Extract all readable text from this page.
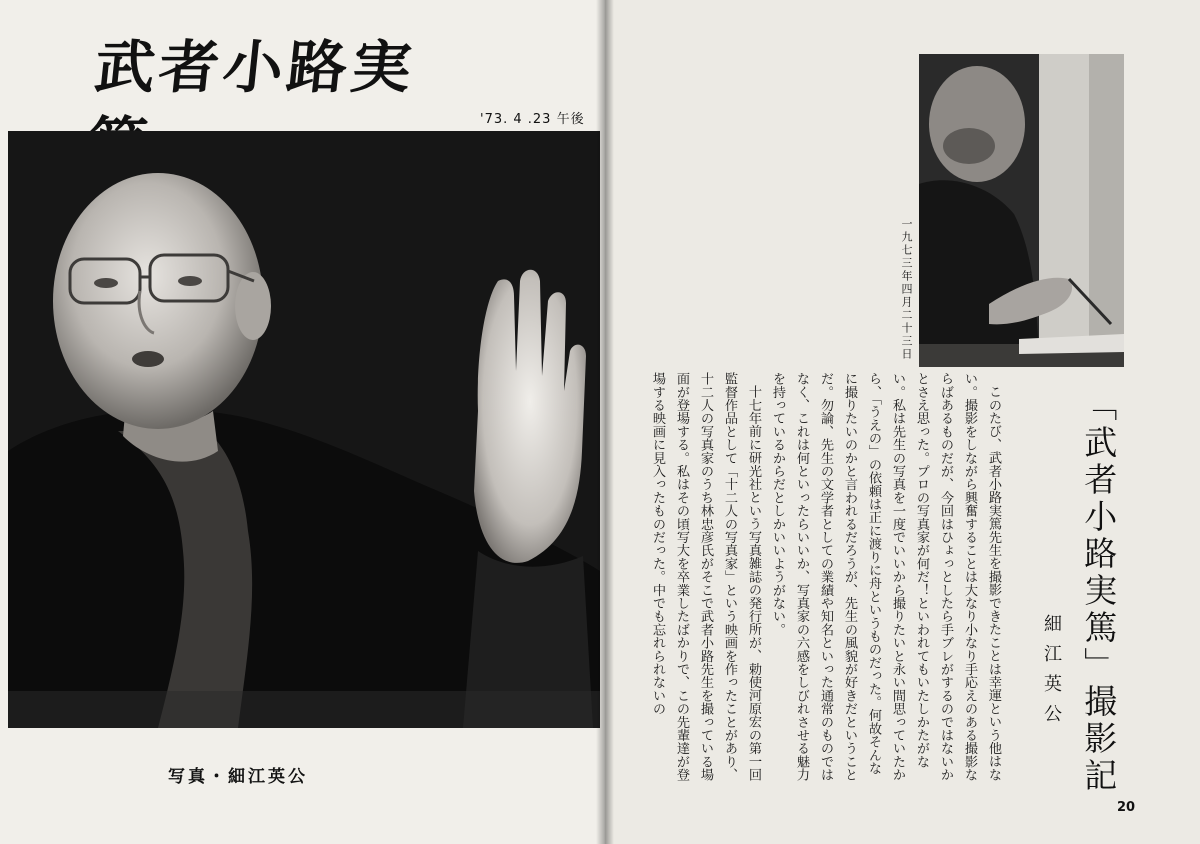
武者小路実篤	'73. 4 .23 午後
写真・細江英公
一九七三年四月二十三日
「武者小路実篤」撮影記
細江英公

このたび、武者小路実篤先生を撮影できたことは幸運という他はない。撮影をしながら興奮することは大なり小なり手応えのある撮影ならばあるものだが、今回はひょっとしたら手ブレがするのではないかとさえ思った。プロの写真家が何だ！といわれてもいたしかたがない。私は先生の写真を一度でいいから撮りたいと永い間思っていたから、「うえの」の依頼は正に渡りに舟というものだった。何故そんなに撮りたいのかと言われるだろうが、先生の風貌が好きだということだ。勿論、先生の文学者としての業績や知名といった通常のものではなく、これは何といったらいいか、写真家の六感をしびれさせる魅力を持っているからだとしかいいようがない。

十七年前に研光社という写真雑誌の発行所が、勅使河原宏の第一回監督作品として「十二人の写真家」という映画を作ったことがあり、十二人の写真家のうち林忠彦氏がそこで武者小路先生を撮っている場面が登場する。私はその頃写大を卒業したばかりで、この先輩達が登場する映画に見入ったものだった。中でも忘れられないの

20
